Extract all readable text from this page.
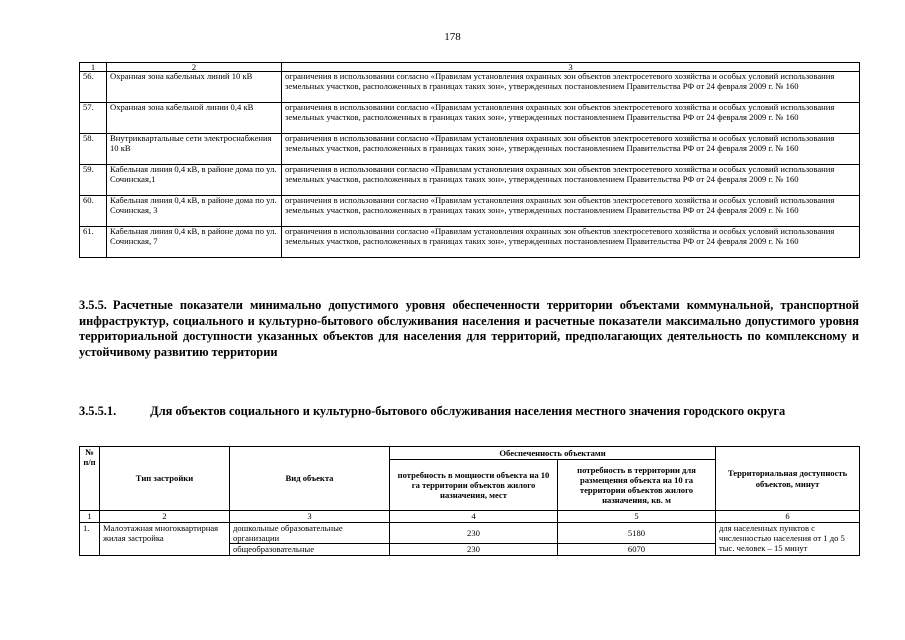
178
1	2	3
56.	Охранная зона кабельных линий 10 кВ	ограничения в использовании согласно «Правилам установления охранных зон объектов электросетевого хозяйства и особых условий использования земельных участков, расположенных в границах таких зон», утвержденных постановлением Правительства РФ от 24 февраля 2009 г. № 160
57.	Охранная зона кабельной линии 0,4 кВ	ограничения в использовании согласно «Правилам установления охранных зон объектов электросетевого хозяйства и особых условий использования земельных участков, расположенных в границах таких зон», утвержденных постановлением Правительства РФ от 24 февраля 2009 г. № 160
58.	Внутриквартальные сети электроснабжения 10 кВ	ограничения в использовании согласно «Правилам установления охранных зон объектов электросетевого хозяйства и особых условий использования земельных участков, расположенных в границах таких зон», утвержденных постановлением Правительства РФ от 24 февраля 2009 г. № 160
59.	Кабельная линия 0,4 кВ, в районе дома по ул. Сочинская,1	ограничения в использовании согласно «Правилам установления охранных зон объектов электросетевого хозяйства и особых условий использования земельных участков, расположенных в границах таких зон», утвержденных постановлением Правительства РФ от 24 февраля 2009 г. № 160
60.	Кабельная линия 0,4 кВ, в районе дома по ул. Сочинская, 3	ограничения в использовании согласно «Правилам установления охранных зон объектов электросетевого хозяйства и особых условий использования земельных участков, расположенных в границах таких зон», утвержденных постановлением Правительства РФ от 24 февраля 2009 г. № 160
61.	Кабельная линия 0,4 кВ, в районе дома по ул. Сочинская, 7	ограничения в использовании согласно «Правилам установления охранных зон объектов электросетевого хозяйства и особых условий использования земельных участков, расположенных в границах таких зон», утвержденных постановлением Правительства РФ от 24 февраля 2009 г. № 160
3.5.5. Расчетные показатели минимально допустимого уровня обеспеченности территории объектами коммунальной, транспортной инфраструктур, социального и культурно-бытового обслуживания населения и расчетные показатели максимально допустимого уровня территориальной доступности указанных объектов для населения для территорий, предполагающих деятельность по комплексному и устойчивому развитию территории
3.5.5.1.	Для объектов социального и культурно-бытового обслуживания населения местного значения городского округа
№ п/п	Тип застройки	Вид объекта	Обеспеченность объектами		Территориальная доступность объектов, минут
			потребность в мощности объекта на 10 га территории объектов жилого назначения, мест	потребность в территории для размещения объекта на 10 га территории объектов жилого назначения, кв. м	
1	2	3	4	5	6
1.	Малоэтажная многоквартирная жилая застройка	дошкольные образовательные организации	230	5180	для населенных пунктов с численностью населения от 1 до 5 тыс. человек – 15 минут
		общеобразовательные	230	6070	
